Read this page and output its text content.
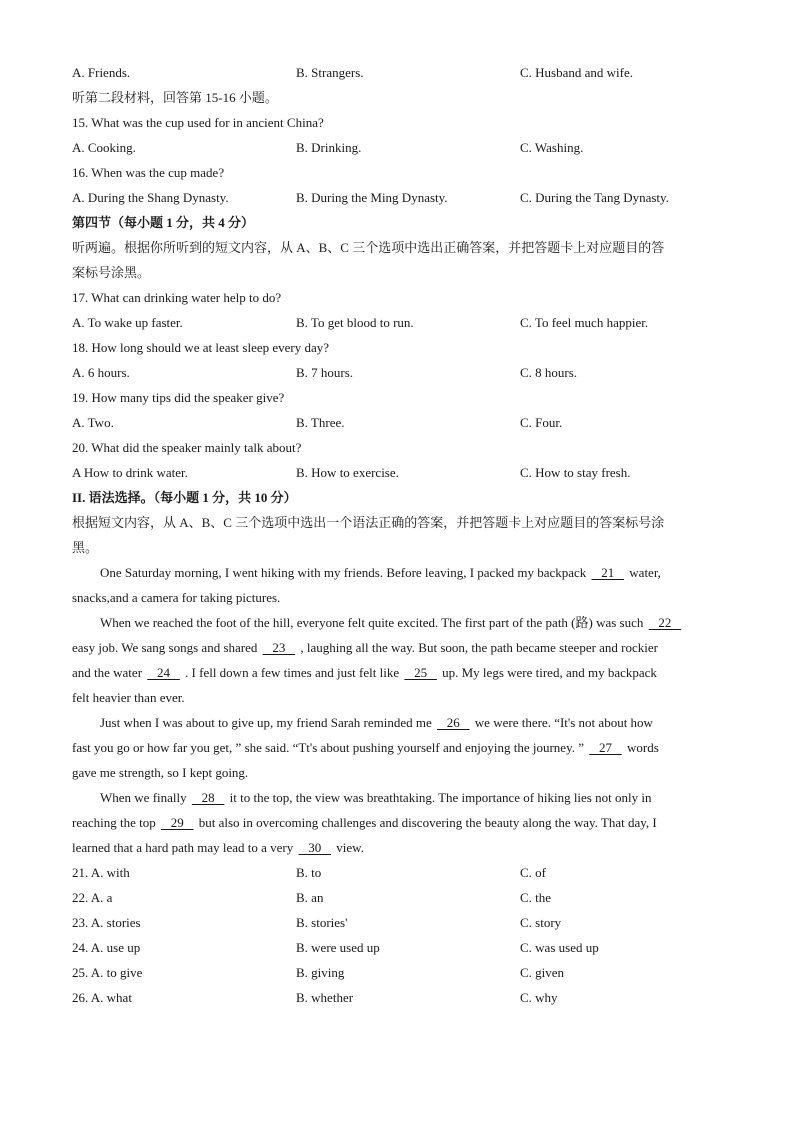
A. Friends.	B. Strangers.	C. Husband and wife.
听第二段材料，回答第 15-16 小题。
15. What was the cup used for in ancient China?
A. Cooking.	B. Drinking.	C. Washing.
16. When was the cup made?
A. During the Shang Dynasty.	B. During the Ming Dynasty.	C. During the Tang Dynasty.
第四节（每小题 1 分，共 4 分）
听两遍。根据你所听到的短文内容，从 A、B、C 三个选项中选出正确答案，并把答题卡上对应题目的答
案标号涂黑。
17. What can drinking water help to do?
A. To wake up faster.	B. To get blood to run.	C. To feel much happier.
18. How long should we at least sleep every day?
A. 6 hours.	B. 7 hours.	C. 8 hours.
19. How many tips did the speaker give?
A. Two.	B. Three.	C. Four.
20. What did the speaker mainly talk about?
A How to drink water.	B. How to exercise.	C. How to stay fresh.
II. 语法选择。（每小题 1 分，共 10 分）
根据短文内容，从 A、B、C 三个选项中选出一个语法正确的答案，并把答题卡上对应题目的答案标号涂
黑。
One Saturday morning, I went hiking with my friends. Before leaving, I packed my backpack    21    water,
snacks,and a camera for taking pictures.
When we reached the foot of the hill, everyone felt quite excited. The first part of the path (路) was such    22
easy job. We sang songs and shared    23    , laughing all the way. But soon, the path became steeper and rockier
and the water    24    . I fell down a few times and just felt like    25    up. My legs were tired, and my backpack
felt heavier than ever.
Just when I was about to give up, my friend Sarah reminded me    26    we were there. “It's not about how
fast you go or how far you get, ” she said. “Tt's about pushing yourself and enjoying the journey. ”    27    words
gave me strength, so I kept going.
When we finally    28    it to the top, the view was breathtaking. The importance of hiking lies not only in
reaching the top    29    but also in overcoming challenges and discovering the beauty along the way. That day, I
learned that a hard path may lead to a very    30    view.
21. A. with	B. to	C. of
22. A. a	B. an	C. the
23. A. stories	B. stories'	C. story
24. A. use up	B. were used up	C. was used up
25. A. to give	B. giving	C. given
26. A. what	B. whether	C. why
